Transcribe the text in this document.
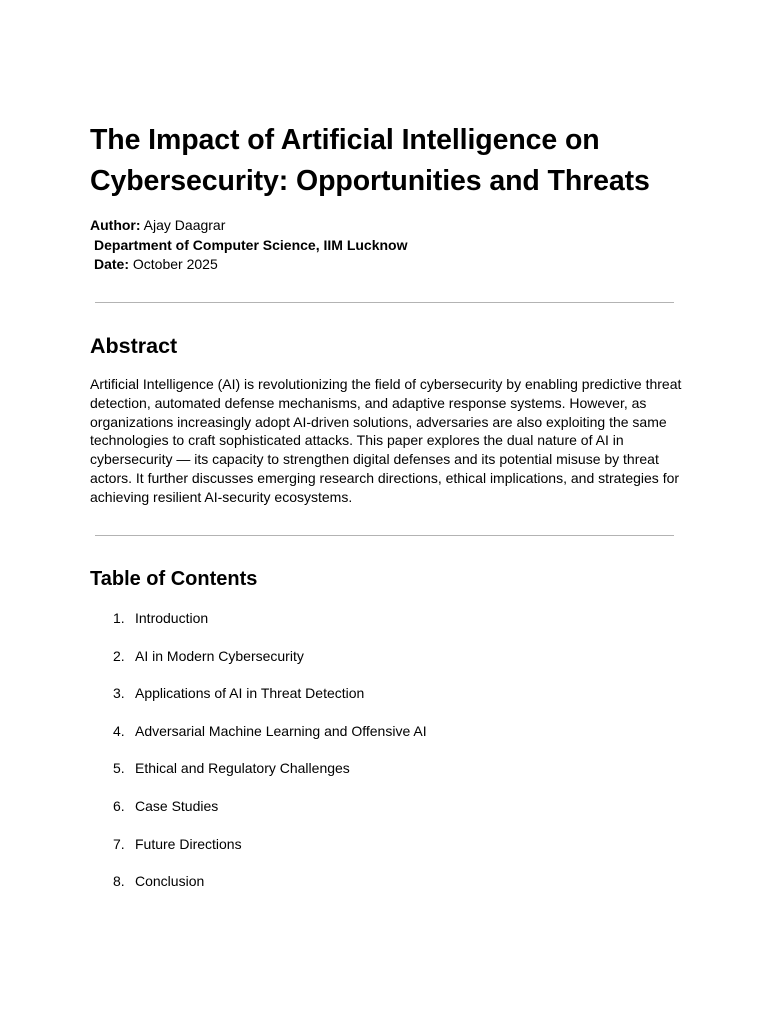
The Impact of Artificial Intelligence on
Cybersecurity: Opportunities and Threats
Author: Ajay Daagrar
Department of Computer Science, IIM Lucknow
Date: October 2025
Abstract

Artificial Intelligence (AI) is revolutionizing the field of cybersecurity by enabling predictive threat
detection, automated defense mechanisms, and adaptive response systems. However, as
organizations increasingly adopt AI-driven solutions, adversaries are also exploiting the same
technologies to craft sophisticated attacks. This paper explores the dual nature of AI in
cybersecurity — its capacity to strengthen digital defenses and its potential misuse by threat
actors. It further discusses emerging research directions, ethical implications, and strategies for
achieving resilient AI-security ecosystems.

Table of Contents
1. Introduction
2. AI in Modern Cybersecurity
3. Applications of AI in Threat Detection
4. Adversarial Machine Learning and Offensive AI
5. Ethical and Regulatory Challenges
6. Case Studies
7. Future Directions
8. Conclusion
